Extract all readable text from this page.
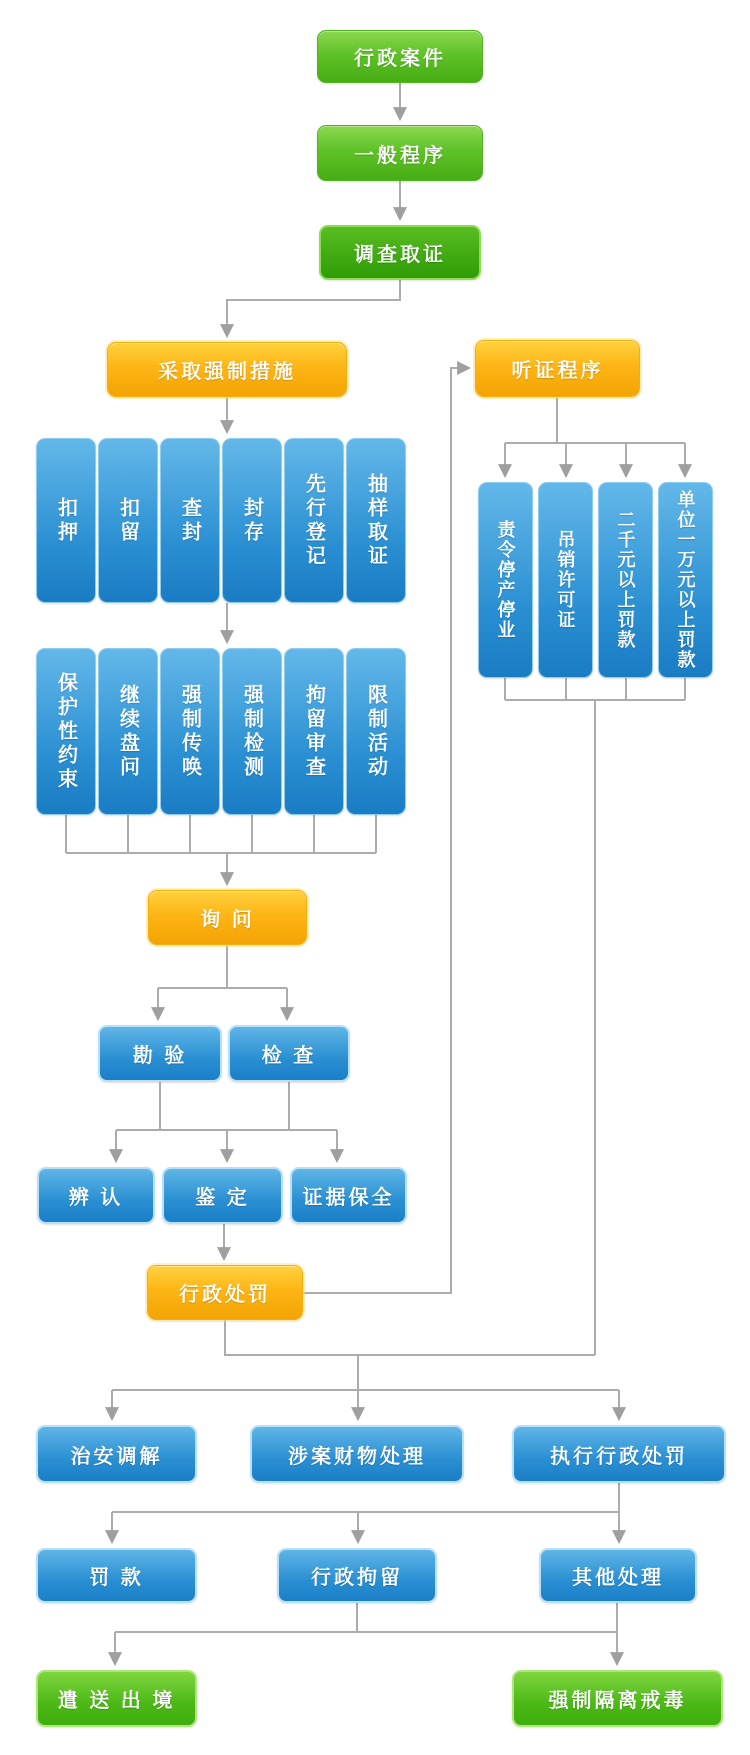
行政案件
一般程序
调查取证
采取强制措施	听证程序
扣押	扣留	查封	封存	先行登记	抽样取证
保护性约束	继续盘问	强制传唤	强制检测	拘留审查	限制活动
责令停产停业	吊销许可证	二千元以上罚款	单位一万元以上罚款
询 问
勘 验	检 查
辨 认	鉴 定	证据保全
行政处罚
治安调解	涉案财物处理	执行行政处罚
罚 款	行政拘留	其他处理
遣 送 出 境	强制隔离戒毒
